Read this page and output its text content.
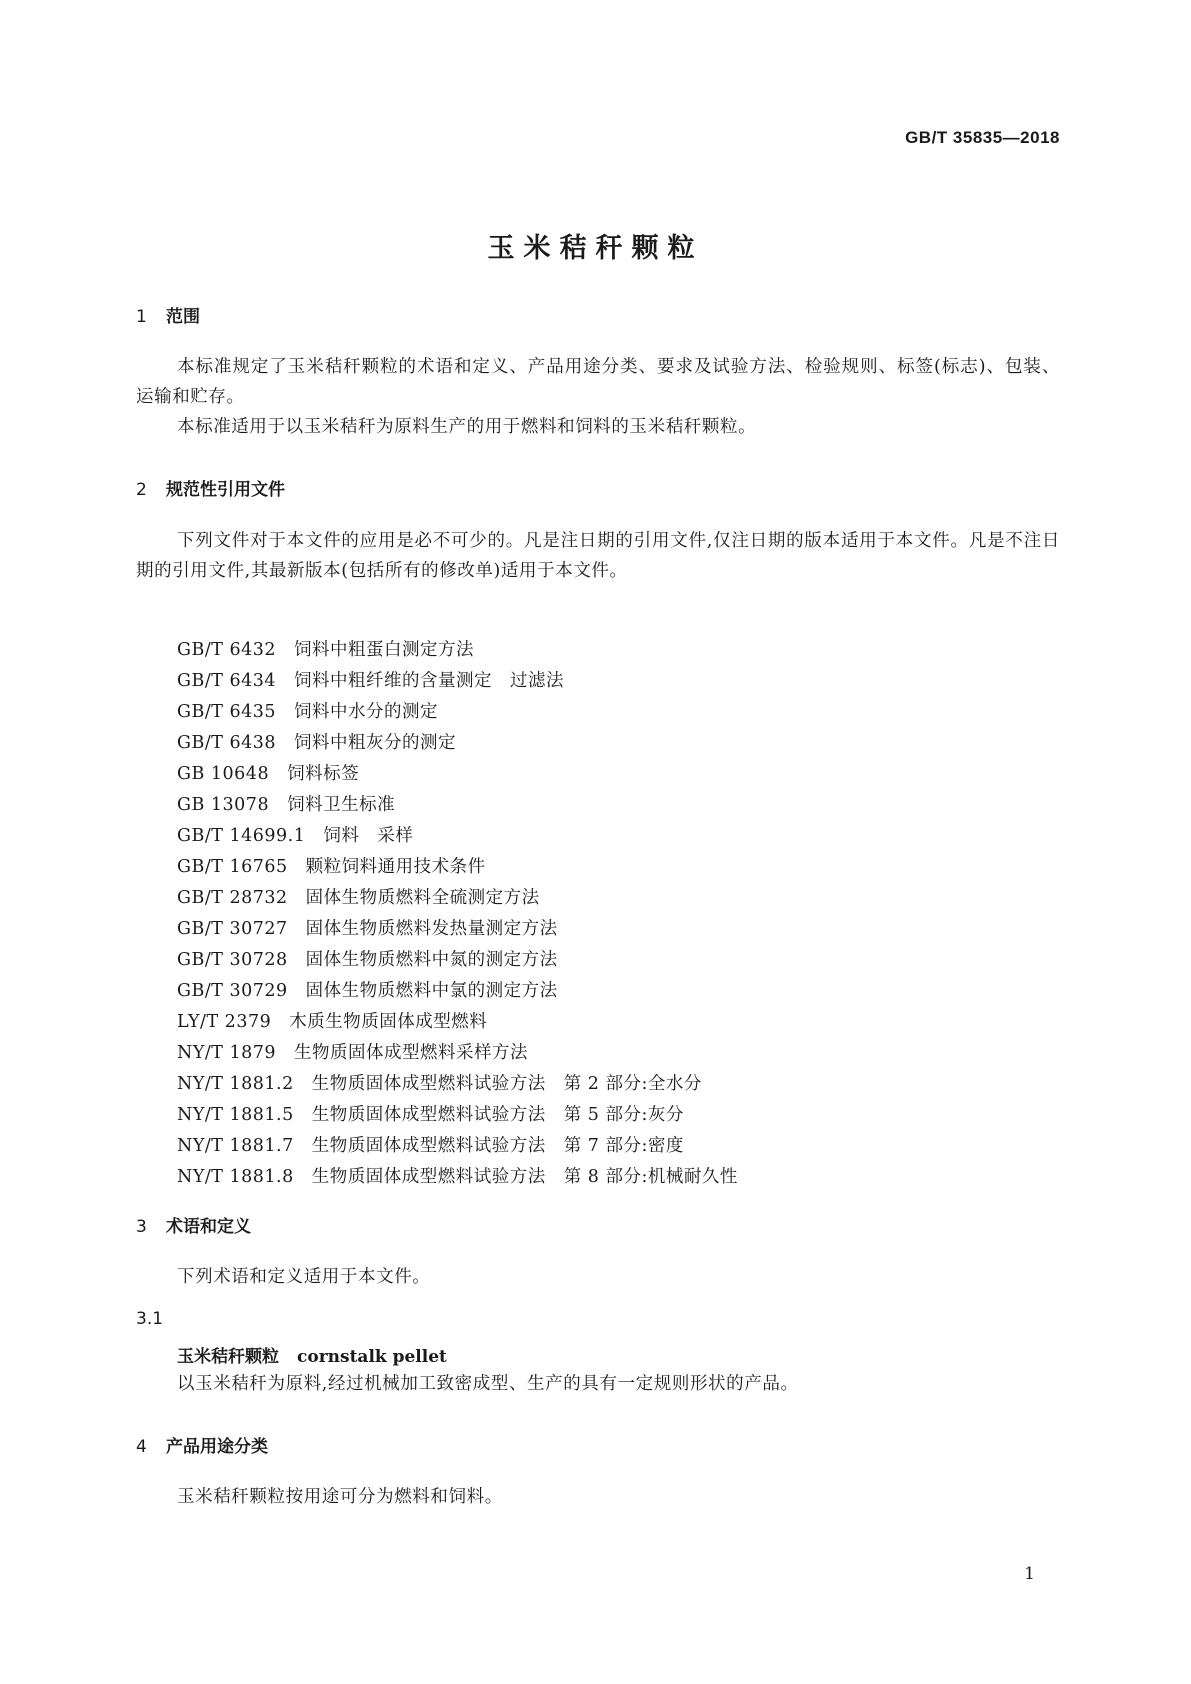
GB/T 35835—2018
玉米秸秆颗粒
1 范围
本标准规定了玉米秸秆颗粒的术语和定义、产品用途分类、要求及试验方法、检验规则、标签(标志)、包装、运输和贮存。
本标准适用于以玉米秸秆为原料生产的用于燃料和饲料的玉米秸秆颗粒。
2 规范性引用文件
下列文件对于本文件的应用是必不可少的。凡是注日期的引用文件,仅注日期的版本适用于本文件。凡是不注日期的引用文件,其最新版本(包括所有的修改单)适用于本文件。
GB/T 6432 饲料中粗蛋白测定方法
GB/T 6434 饲料中粗纤维的含量测定　过滤法
GB/T 6435 饲料中水分的测定
GB/T 6438 饲料中粗灰分的测定
GB 10648 饲料标签
GB 13078 饲料卫生标准
GB/T 14699.1 饲料　采样
GB/T 16765 颗粒饲料通用技术条件
GB/T 28732 固体生物质燃料全硫测定方法
GB/T 30727 固体生物质燃料发热量测定方法
GB/T 30728 固体生物质燃料中氮的测定方法
GB/T 30729 固体生物质燃料中氯的测定方法
LY/T 2379 木质生物质固体成型燃料
NY/T 1879 生物质固体成型燃料采样方法
NY/T 1881.2 生物质固体成型燃料试验方法　第 2 部分:全水分
NY/T 1881.5 生物质固体成型燃料试验方法　第 5 部分:灰分
NY/T 1881.7 生物质固体成型燃料试验方法　第 7 部分:密度
NY/T 1881.8 生物质固体成型燃料试验方法　第 8 部分:机械耐久性
3 术语和定义
下列术语和定义适用于本文件。
3.1
玉米秸秆颗粒 cornstalk pellet
以玉米秸秆为原料,经过机械加工致密成型、生产的具有一定规则形状的产品。
4 产品用途分类
玉米秸秆颗粒按用途可分为燃料和饲料。
1
